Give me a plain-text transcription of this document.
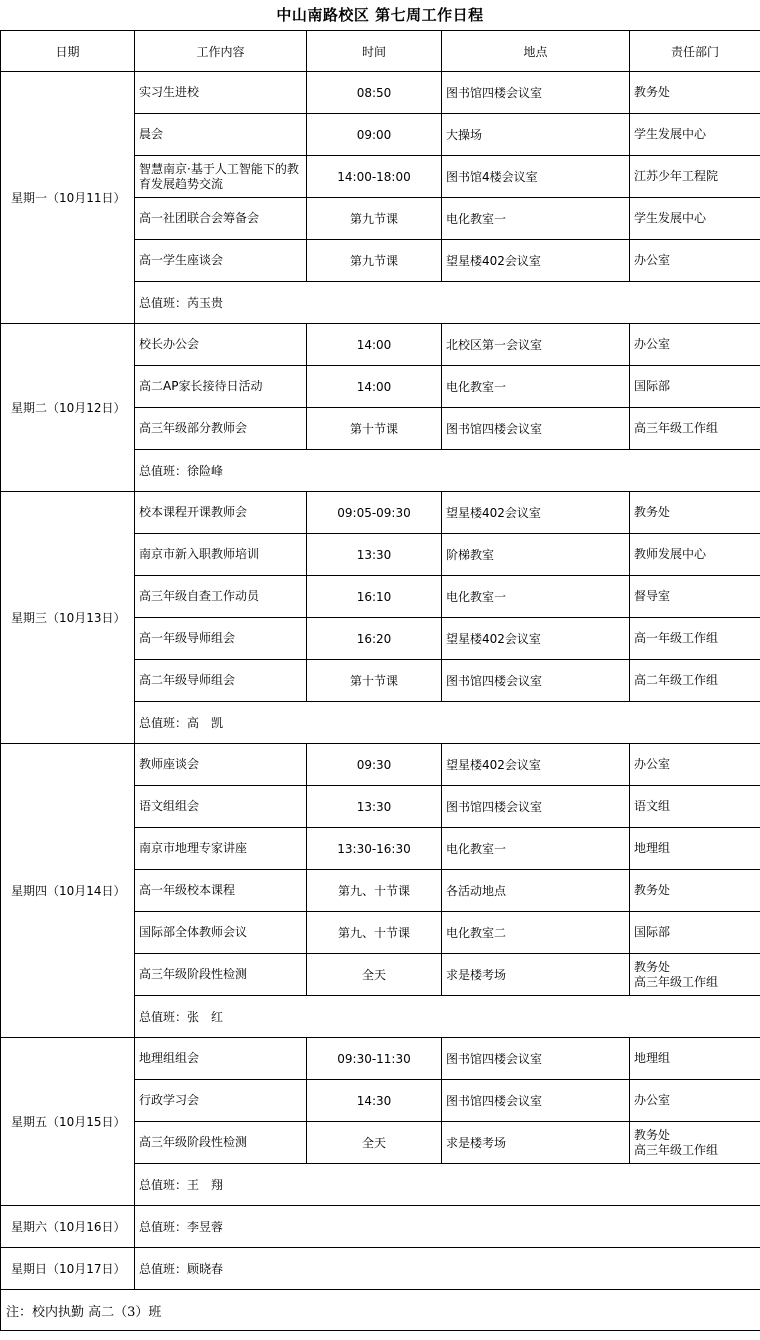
中山南路校区 第七周工作日程
日期	工作内容	时间	地点	责任部门
星期一（10月11日）	实习生进校	08:50	图书馆四楼会议室	教务处

	晨会	09:00	大操场	学生发展中心

	智慧南京·基于人工智能下的教育发展趋势交流	14:00-18:00	图书馆4楼会议室	江苏少年工程院

	高一社团联合会筹备会	第九节课	电化教室一	学生发展中心

	高一学生座谈会	第九节课	望星楼402会议室	办公室

	总值班：芮玉贵			
星期二（10月12日）	校长办公会	14:00	北校区第一会议室	办公室

	高二AP家长接待日活动	14:00	电化教室一	国际部

	高三年级部分教师会	第十节课	图书馆四楼会议室	高三年级工作组

	总值班：徐险峰			
星期三（10月13日）	校本课程开课教师会	09:05-09:30	望星楼402会议室	教务处

	南京市新入职教师培训	13:30	阶梯教室	教师发展中心

	高三年级自查工作动员	16:10	电化教室一	督导室

	高一年级导师组会	16:20	望星楼402会议室	高一年级工作组

	高二年级导师组会	第十节课	图书馆四楼会议室	高二年级工作组

	总值班：高　凯			
星期四（10月14日）	教师座谈会	09:30	望星楼402会议室	办公室

	语文组组会	13:30	图书馆四楼会议室	语文组

	南京市地理专家讲座	13:30-16:30	电化教室一	地理组

	高一年级校本课程	第九、十节课	各活动地点	教务处

	国际部全体教师会议	第九、十节课	电化教室二	国际部

	高三年级阶段性检测	全天	求是楼考场	教务处
高三年级工作组

	总值班：张　红			
星期五（10月15日）	地理组组会	09:30-11:30	图书馆四楼会议室	地理组

	行政学习会	14:30	图书馆四楼会议室	办公室

	高三年级阶段性检测	全天	求是楼考场	教务处
高三年级工作组

	总值班：王　翔			
星期六（10月16日）	总值班：李昱蓉			
星期日（10月17日）	总值班：顾晓春			
注：校内执勤 高二（3）班				
